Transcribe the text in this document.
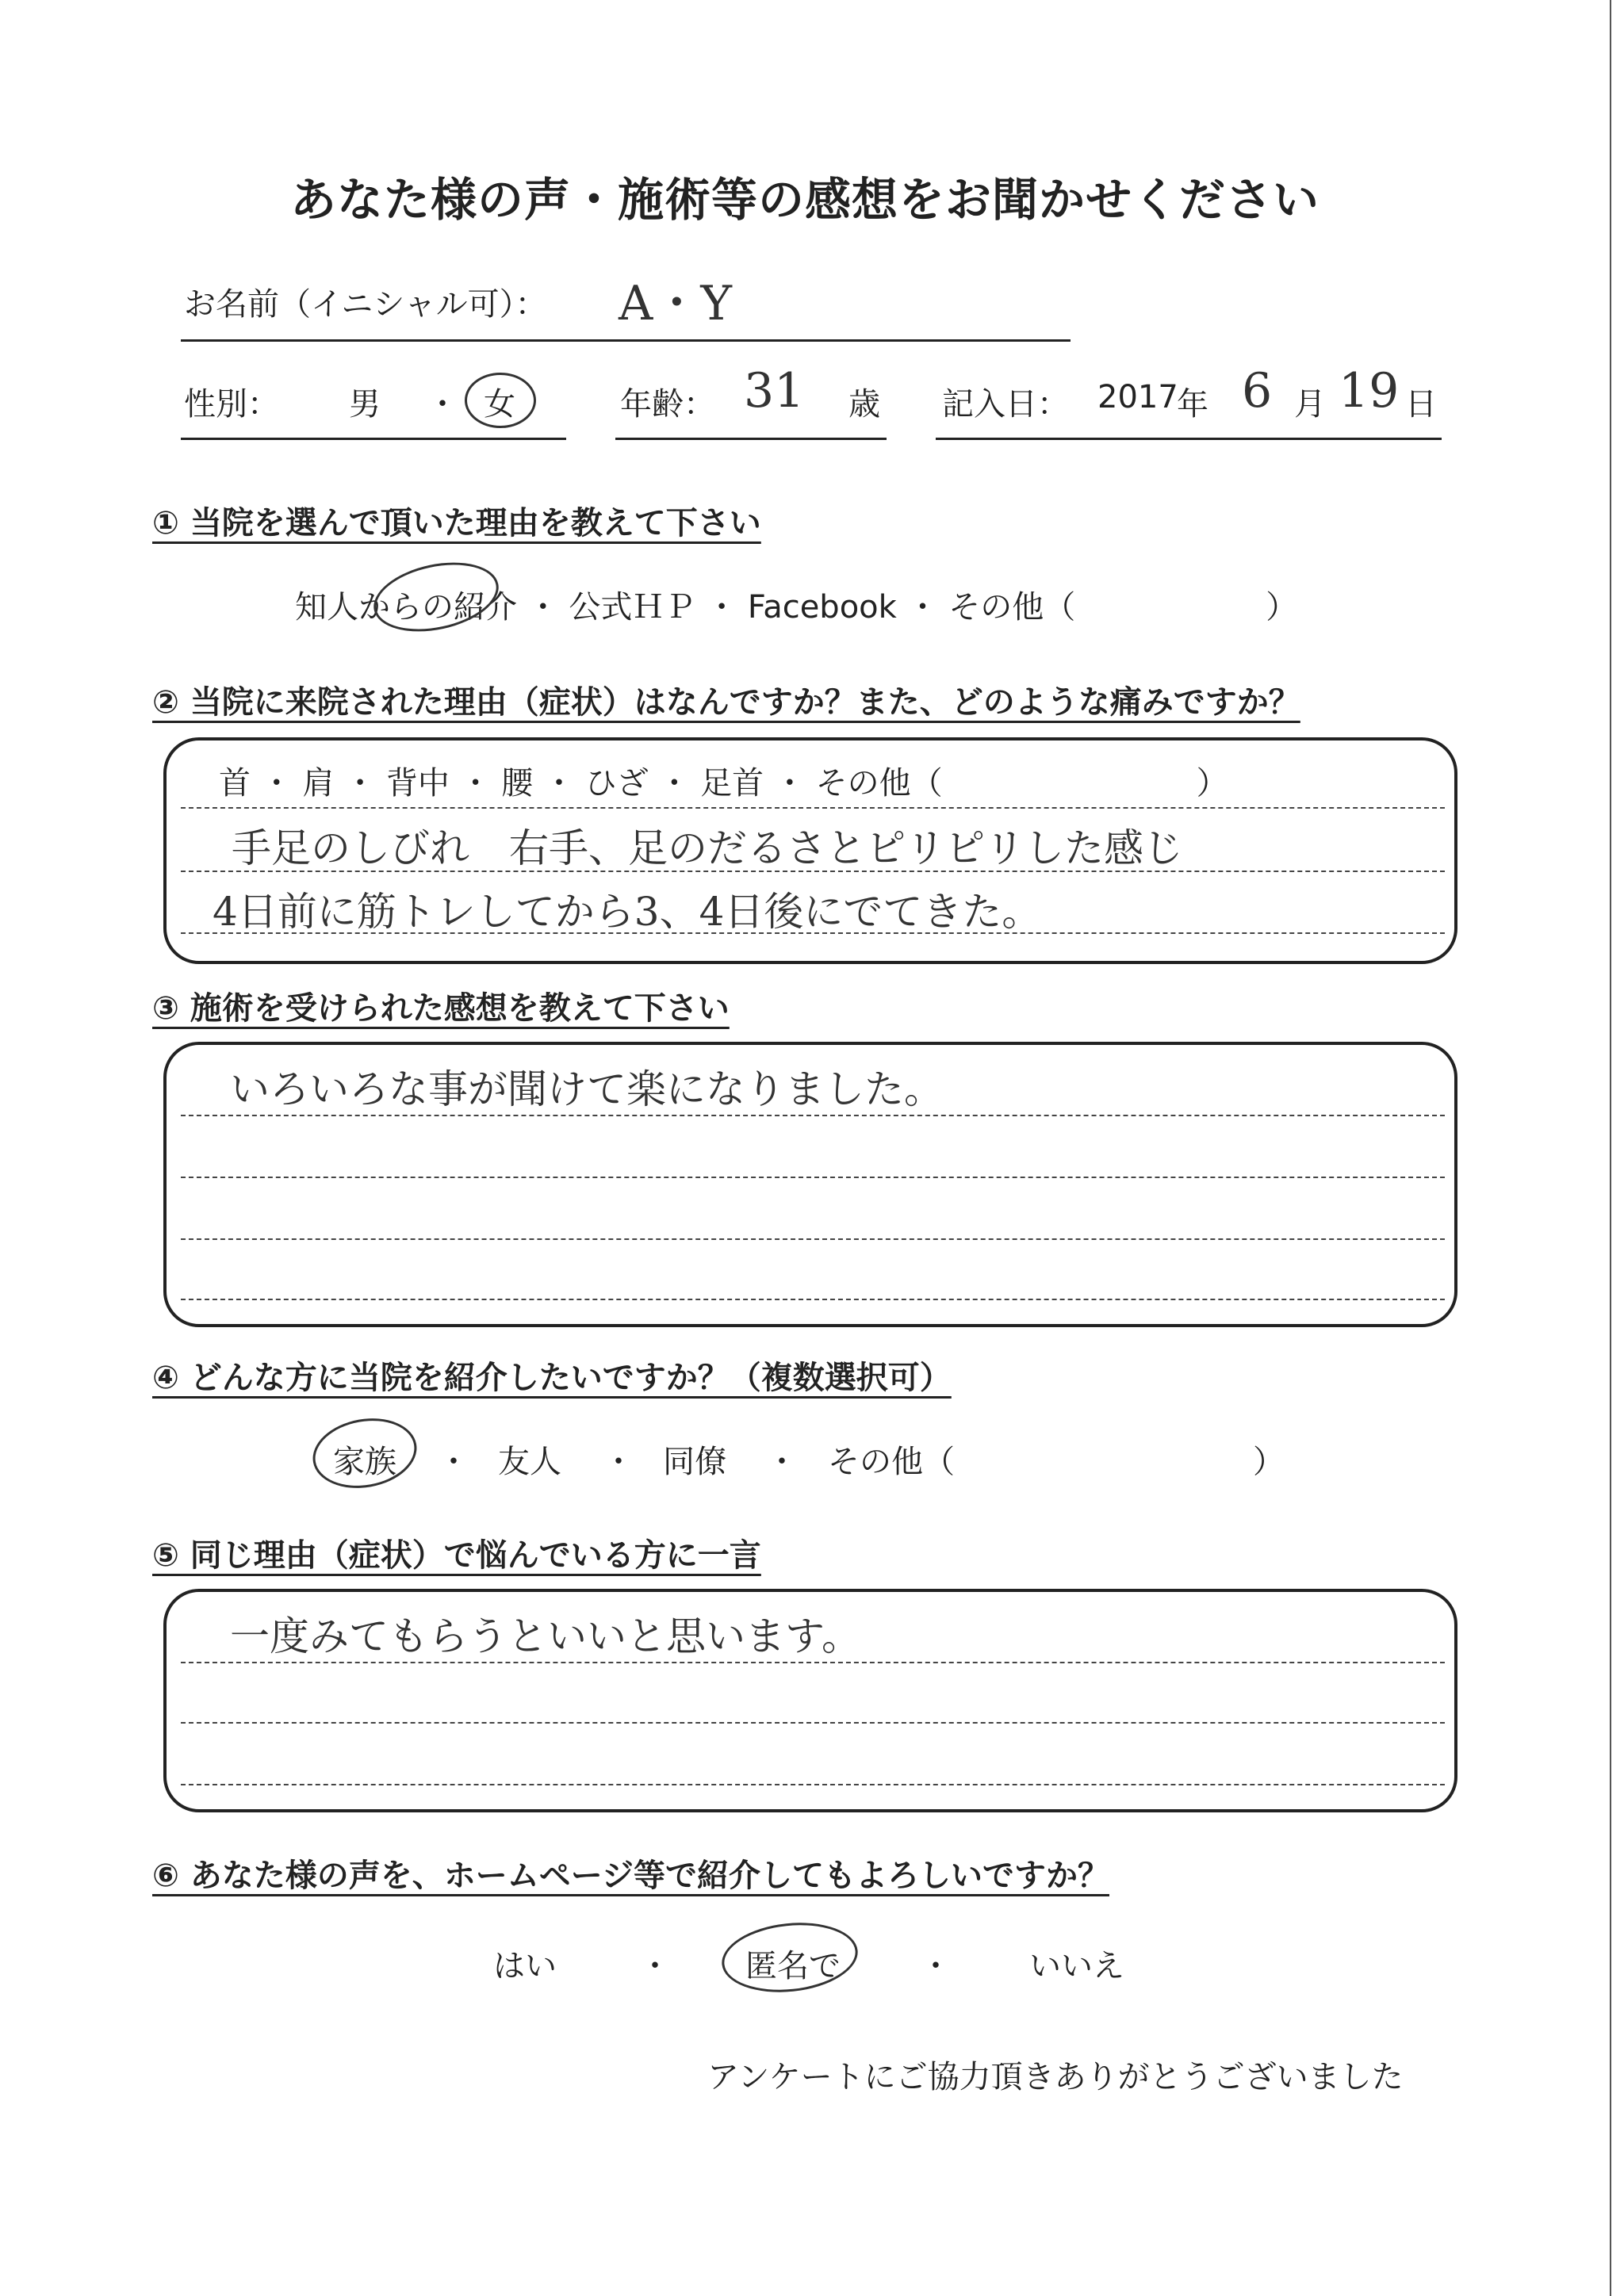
あなた様の声・施術等の感想をお聞かせください
お名前（イニシャル可）： A・Y
性別： 男 ・ 女	年齢： 31 歳 記入日： 2017
年 6 月 19 日
① 当院を選んで頂いた理由を教えて下さい
知人からの紹介 ・ 公式ＨＰ ・ Facebook ・ その他（　　　　　　）
② 当院に来院された理由（症状）はなんですか？また、どのような痛みですか？
首 ・ 肩 ・ 背中 ・ 腰 ・ ひざ ・ 足首 ・ その他（　　　　　　　　）
手足のしびれ　右手、足のだるさとピリピリした感じ
4日前に筋トレしてから3、4日後にでてきた。
③ 施術を受けられた感想を教えて下さい
いろいろな事が聞けて楽になりました。
④ どんな方に当院を紹介したいですか？（複数選択可）
家族 ・ 友人 ・ 同僚 ・ その他（	）
⑤ 同じ理由（症状）で悩んでいる方に一言
一度みてもらうといいと思います。
⑥ あなた様の声を、ホームページ等で紹介してもよろしいですか？
はい	・ 匿名で	・ いいえ
アンケートにご協力頂きありがとうございました
